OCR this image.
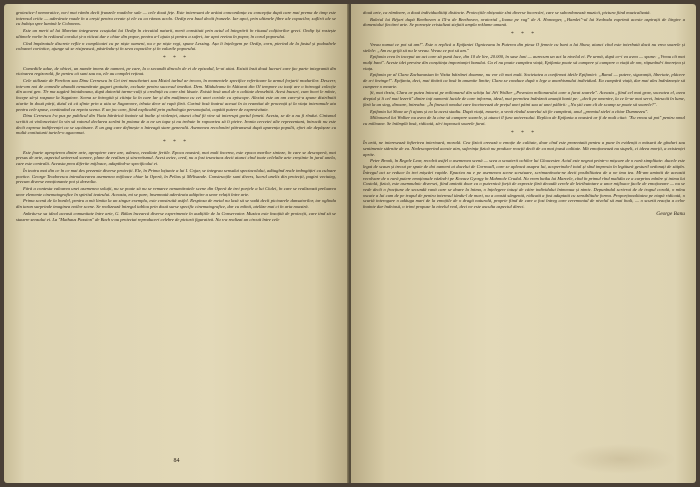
grotestice-l nemoratice, nu-i mai rămîn decît frunzele roadelor sale — cele două fețe. Este interesant de arătat concordanța cu concepția după care mai prema de timp este interesul critic — aderărate roade în a crești pentru create și ele cu ca rămas acolo. Oedip era baal decât frunzele. Iar apoi, prin ultimele fibre ale copacilor, suflirii ale se cu bubișa spre lumină le Colonnos.

Este un merit al lui Mareian integrarea ccuștulat lui Oedip în circuitul naturii, merit constituit prin actul al întegrării în rituaul colțitorilor greci. Oedip își rostește ultimele vorbe în rediaeul corului și-a viticat dar e chiar din popor, pentru a-l ajuta și pentru a sufert, iar apoi reeinu în popor, în corul poporului.

Cînd împăratule discrete reflie n complicatei cu pe niște oameni, nu e pe niște regi, spune Lessing. Așa îi înțelegem pe Oedip, corn, pierind de la fastul și podoabele coloanei corintice, ajunge să se risipească, păstrîndu-și în seva copacilor și în valurile poporului.

* * *

Comediile adue, de obicei, un număr imens de oameni, pe care, la o secundă dincolo de ei de episodul, le-ai uitat. Există însă două lucruri care fac parte integrantă din victoarea regizorală, fie pentru că sunt sau nu, ele au complet reținut.

Cele utilizate de Perchon sau Dinu Cernescu în Cei trei muschetari sau Mistol turbul ar trecea, în momentele specifice referitoare la armul forjarii modurilor. Descerr, inte-am noi de comedie abundă nenumărate guguri gratuite, excluzie pentru succesul imediat. Dem. Măduleanu în Alăturat din Ol tempore cu toați are o întreagă colecție din acest gen. Tîr ma sugără întotdeauna, după datorită tarme-culți și credință cu care sînt lăsate. Există însă unul de o calitate deosebită. Acest bucuri, cum încet le mînte, începe să-și raspune la Sugatore. Scena se întregită și citința la în care lar și din mulțimea cu cei unei coriale cu episcope. Alexiat este un om care-și-a spune distribuiti aiurite în două părți, dutul că că sfinte prin a utiu se Sagaroore, trbuia deor ai rupă fără. Curină însă înatrui acesat în ia reamtiat de procență și la viața interamule ata pentru cele spase, continuînd ca repeta scena. E un joc care, fiind explicabil prin psihologia personajului, capătă putere de expresivitate.

Dinu Cernescu l-a pus pe publicul din Viata bărărică înainte să înalte și violenței, atunci cînd fii vine să interrupt gortul femeii. Acesta, se de a nu fi rîndut. Cinismul scriitit ai violonceistei la vin să ratorul declarea scrânt în poiana de a ne un tupa și nu trebuie în rapoarteu să îi pieire. Ironia cercetei alte reprezentant, întrucât nu este decît expresa indiferenței ca se ușcătsare. E un gag care definește o întreagă stare generală. Asemenea recolonări pătrunsesă după aparența populii, efort ale depășeze cu multă contiuiunii turtele-o agacomat.

* * *

Este foarte apropierea dintre arte, apropiere care are, adesea, rezultate fertile. Epoca noastră, mai mult încerea, este epoca marilor sinteze, în care se descoperă, mai presus de arte, aspectul universal sonore, plane de realism și sincretismul. Acest aviec, cred, nu a fost trunctuos decit atunci cînd toate celelalte arte creștinte în jurul unela, care este centrală. Aceasta prea diferite mijloace, adaptînd-se specificului ei.

În teatru mai din ce în ce mai des prezente diverse proiecții. Ele, în Prima loțiunie a lui I. Cojar, se integrau sensului spectacolului, adăugînd reale imbogățiri cu culoare poetice. George Teodorescu introducearea asemenea mijloace chiar la Operă, în Pelias și Mélisande. Construcțile sunt divers, lucrul unelis din proiecții, pagini veciuteg, precum diverse emoționante pot și dezvolta.

Fără a contesta valoarea unei asemenea soluții, nu se poate să nu se remarce nenumăratele scene din Operă de trei porțele a lui Ciulei, în care se realizează preluarea unor elemente cinematografice în spiritul teatrului. Aceasta, mi se pare, însemnată aderărata adăptire a unor relații între arte.

Prima scenă de la bordel, pentru a mă limita la un singur exemplu, este construită astfel. Respinsa de metal nu lasă să se vadă decît picioarele dansatorilor, iar oglinda din taran surprinde imaginea noilor scene. Se realizează întregul tablou prin două surse specific cinematografice, dar cu mîinii, atelăze mai ci în arta noastră.

Ankrău-se sa ideal aceasă comunitate între arte, G. Bălan încearcă diverse experimente în audițiile de la Conservator. Muzica este însoțită de proiecții, care tind să se stauere sensului ei. La "Mathaus Passion" de Bach s-au proiectat reproduceri celebre de pictură figurativă. Nu s-a realizat un circuit între cele

84

două arte, ca rămînere, a două individualități distincte. Proiecțiile obișnuite sînt diverse încercări, care se subordonează muzicii, pictura fiind muzicalizată.

Baletul lui Béjart după Beethoven a IX-a de Beethoven, oratoriul „Ioana pe rug" de A. Honneger, „Hamlet"-ul lui Svoboda exprimă aceste aspirații de lărgire a domeniului fiecărei arte. Se pornește cristalizat stefuiti ampla reklame umană.

* * *

Vreau numai ce pot să am!". Este o replică a Epifaniei Ogniceanu în Puterea din piesa O femeie cu bani a lui Shaw, atunci cînd este interbată dacă nu vrea soarele și stelele: „Am eu grijă să nu le vreau. Vreau ce pot să am."

Epifania crea în incepui un act care să pună luce, din 10 de lire, 20.000, în sase luni — aurecum un act la nivelul ei. Pe urmă, după ce-i va avea — spune: „Vreau cît mai mulți bani". Aceste idei previne din conștiința importanței banului. Ca el nu poate cumpăra viață, Epifania poate să cumpere și cumpere o viață de om, răpunînd-i tinerețea și viața.

Epifania pe al Clara Zachanasian în Vizita bătrânei doamne, nu vor cît mai mult. Societatea a confirmat ideile Epifaniei: „Banul — putere, siguranță, libertate, plăcere de a-i învinge!". Epifania, deci, mai tînără ca însă în anumite limite; Clara se conduce după o lege a anarhismului individual. Ea cumpără viață, dar mai ales îndrăznește să cumpere o moarte.

Și, mai tîrziu, Clara ar putea întocui pe milionarul din schița lui Jiří Wolker „Povestea milionarului care a furat soarele". Aceasta „fiind cel mai grav, soceatea el, avea dreptul și îi cel mai lezerit" dintre toți oamenii lucide de care informa, ideal, mai permitea îndrăznit anunță banii pe: „decît pe omenire, la ce le-ar mai servi, întrucât în lume, fără la un sing, dinoare, întreaba: „În fineucă omului care încetorează de prețul unei păini sau ai unei pălării: „Nu știi cum cît de scump se poate să soarele?".

Epifania lui Shaw ar fi ajuns și ea la acest stadiu. După viață, moarte, a venit rîndul soarelui să fie cumpărat, unul „premiul stelei a chiar Dumnezeu".

Milionarul lui Wolker nu avea de la cine să cumpere soarele, și atunci îl fura universului. Replica de Epifania a noastră ar fi de mult citat: "Eu vreau să pot" pentru omul cu milioane. Se întîmplă însă, ridicată, să-i topească soarele furat.

* * *

În artă, ne interesează înfierirea interioară, morală. Cea fizică creează o emoție de calitate, doar cînd este prezentată pentru a pune în evidență o măsură de gînduri sau sentimente stârnite de ea. Nedescoperind aceste aim, suferința fizică nu produce reacții decît de ca mai joasă calitate. Mă emoționează nu stupelt, ci ideea morții, a existenței aprite.

Peter Brook, în Regele Lear, recolră astfel o asemenea scenă — scea a scoaterii ochilor lui Gloucester. Actul este negrat printr-o mișcare de o rară simplitate: ducele este legat de scaun și trecut pe spate de doi oameni ai ducelui de Cornwall, care se apleacă asupra lui, acoperindu-l total și sînd impresia în legătură gesturil ordonați de stăpîn. Întregul act se reduce la trei mișcări rapide. Epactea nu e pe asemenea scene scrutuare, scrimantivatu-ne decit posibilitatea de a ne ima tea. Mi-am amintit de această recolvare de o rară putere emoționale văzînd-i pe Kovacz Gyorgy în Mahmole Crudul. Nu vrem baiku lui Marcele, cînd în primul rînd malidia ce a curprins mînîre și inima lui Costolă, fizică, este asemnulnic diversei, fiind amintit doar ca o puternică forță de expresie fără deoadă cerele de letribuintare a unor mijloace facile de emoționare — nu se vede decît o fracțiune de secundă rană care se doare la înima, o înțelegere totuși de către individului înimeaua și nimic. Depunîndul scrierui de de trupul corală, o mînu oscate a lui cum de pe trupul de pentru interesul tăndu-l de mari, nu a ceastă sângentă, ridicată a fost adaptată cu sensiblituhe forma. Proporționalitatea pe etapă ridicată, o scurtă interogare o adăuga mari de la emoțiile de o dragă naturală, proprie fiind de care a fost întreg care ceremoniul de nivelul să mai înalt, — o scurtă reacția a celor înainte dar îndeiasă, o trimi propuse la nivelul real, deci ne este asculta aspectul direct.

George Banu
